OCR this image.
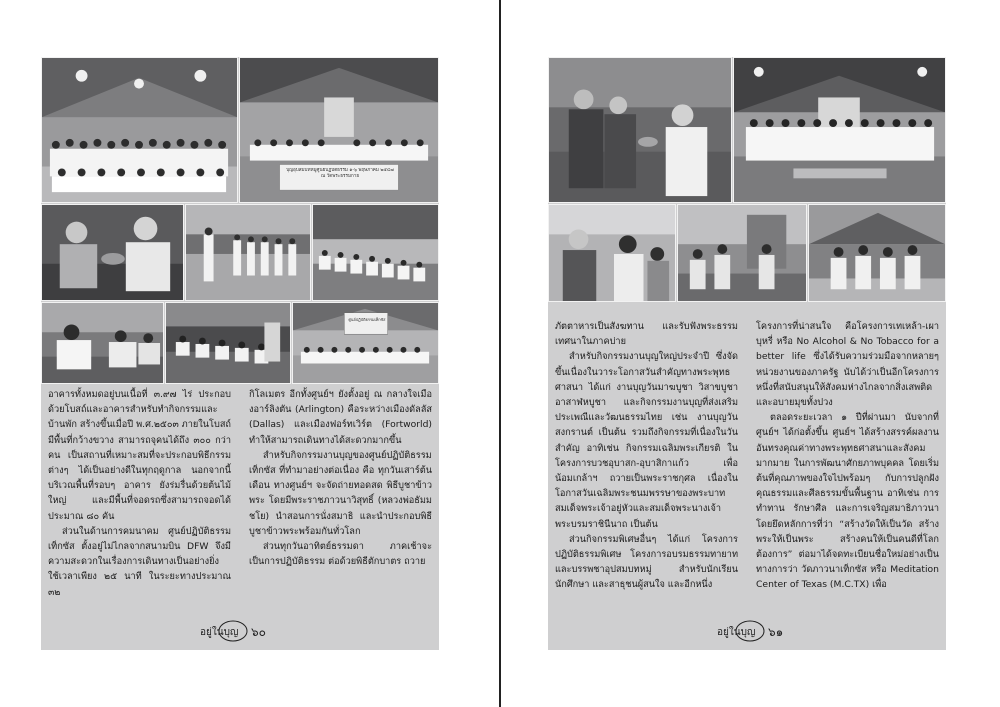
บุญอุปสมบทหมู่ศูนย์ปฏิบัติธรรม ๑-๖ พฤษภาคม ๒๕๔๗ ณ วัดพระธรรมกาย
ศูนย์ปฏิบัติธรรมเท็กซัส

อาคารทั้งหมดอยู่บนเนื้อที่ ๓.๙๗ ไร่ ประกอบด้วยโบสถ์และอาคารสำหรับทำกิจกรรมและบ้านพัก สร้างขึ้นเมื่อปี พ.ศ.๒๕๐๓ ภายในโบสถ์มีพื้นที่กว้างขวาง สามารถจุคนได้ถึง ๓๐๐ กว่าคน เป็นสถานที่เหมาะสมที่จะประกอบพิธีกรรมต่างๆ ได้เป็นอย่างดีในทุกฤดูกาล นอกจากนี้บริเวณพื้นที่รอบๆ อาคาร ยังร่มรื่นด้วยต้นไม้ใหญ่ และมีพื้นที่จอดรถซึ่งสามารถจอดได้ประมาณ ๘๐ คัน

ส่วนในด้านการคมนาคม ศูนย์ปฏิบัติธรรมเท็กซัส ตั้งอยู่ไม่ไกลจากสนามบิน DFW จึงมีความสะดวกในเรื่องการเดินทางเป็นอย่างยิ่ง ใช้เวลาเพียง ๒๕ นาที ในระยะทางประมาณ ๓๒

กิโลเมตร อีกทั้งศูนย์ฯ ยังตั้งอยู่ ณ กลางใจเมืองอาร์ลิงตัน (Arlington) คือระหว่างเมืองดัลลัส (Dallas) และเมืองฟอร์ทเวิร์ต (Fortworld) ทำให้สามารถเดินทางได้สะดวกมากขึ้น

สำหรับกิจกรรมงานบุญของศูนย์ปฏิบัติธรรมเท็กซัส ที่ทำมาอย่างต่อเนื่อง คือ ทุกวันเสาร์ต้นเดือน ทางศูนย์ฯ จะจัดถ่ายทอดสด พิธีบูชาข้าวพระ โดยมีพระราชภาวนาวิสุทธิ์ (หลวงพ่อธัมมชโย) นำสอนการนั่งสมาธิ และนำประกอบพิธีบูชาข้าวพระพร้อมกันทั่วโลก

ส่วนทุกวันอาทิตย์ธรรมดา ภาคเช้าจะเป็นการปฏิบัติธรรม ต่อด้วยพิธีตักบาตร ถวาย

อยู่ในบุญ ๖๐

ภัตตาหารเป็นสังฆทาน และรับฟังพระธรรมเทศนาในภาคบ่าย

สำหรับกิจกรรมงานบุญใหญ่ประจำปี ซึ่งจัดขึ้นเนื่องในวาระโอกาสวันสำคัญทางพระพุทธศาสนา ได้แก่ งานบุญวันมาฆบูชา วิสาขบูชา อาสาฬหบูชา และกิจกรรมงานบุญที่ส่งเสริมประเพณีและวัฒนธรรมไทย เช่น งานบุญวันสงกรานต์ เป็นต้น รวมถึงกิจกรรมที่เนื่องในวันสำคัญ อาทิเช่น กิจกรรมเฉลิมพระเกียรติ ในโครงการบวชอุบาสก-อุบาสิกาแก้ว เพื่อน้อมเกล้าฯ ถวายเป็นพระราชกุศล เนื่องในโอกาสวันเฉลิมพระชนมพรรษาของพระบาทสมเด็จพระเจ้าอยู่หัวและสมเด็จพระนางเจ้าพระบรมราชินีนาถ เป็นต้น

ส่วนกิจกรรมพิเศษอื่นๆ ได้แก่ โครงการปฏิบัติธรรมพิเศษ โครงการอบรมธรรมทายาทและบรรพชาอุปสมบทหมู่ สำหรับนักเรียนนักศึกษา และสาธุชนผู้สนใจ และอีกหนึ่ง

โครงการที่น่าสนใจ คือโครงการเทเหล้า-เผาบุหรี่ หรือ No Alcohol & No Tobacco for a better life ซึ่งได้รับความร่วมมือจากหลายๆ หน่วยงานของภาครัฐ นับได้ว่าเป็นอีกโครงการหนึ่งที่สนับสนุนให้สังคมห่างไกลจากสิ่งเสพติดและอบายมุขทั้งปวง

ตลอดระยะเวลา ๑ ปีที่ผ่านมา นับจากที่ศูนย์ฯ ได้ก่อตั้งขึ้น ศูนย์ฯ ได้สร้างสรรค์ผลงานอันทรงคุณค่าทางพระพุทธศาสนาและสังคมมากมาย ในการพัฒนาศักยภาพบุคคล โดยเริ่มต้นที่คุณภาพของใจไปพร้อมๆ กับการปลูกฝังคุณธรรมและศีลธรรมขั้นพื้นฐาน อาทิเช่น การทำทาน รักษาศีล และการเจริญสมาธิภาวนา โดยยึดหลักการที่ว่า “สร้างวัดให้เป็นวัด สร้างพระให้เป็นพระ สร้างคนให้เป็นคนดีที่โลกต้องการ” ต่อมาได้จดทะเบียนชื่อใหม่อย่างเป็นทางการว่า วัดภาวนาเท็กซัส หรือ Meditation Center of Texas (M.C.TX) เพื่อ

อยู่ในบุญ ๖๑
